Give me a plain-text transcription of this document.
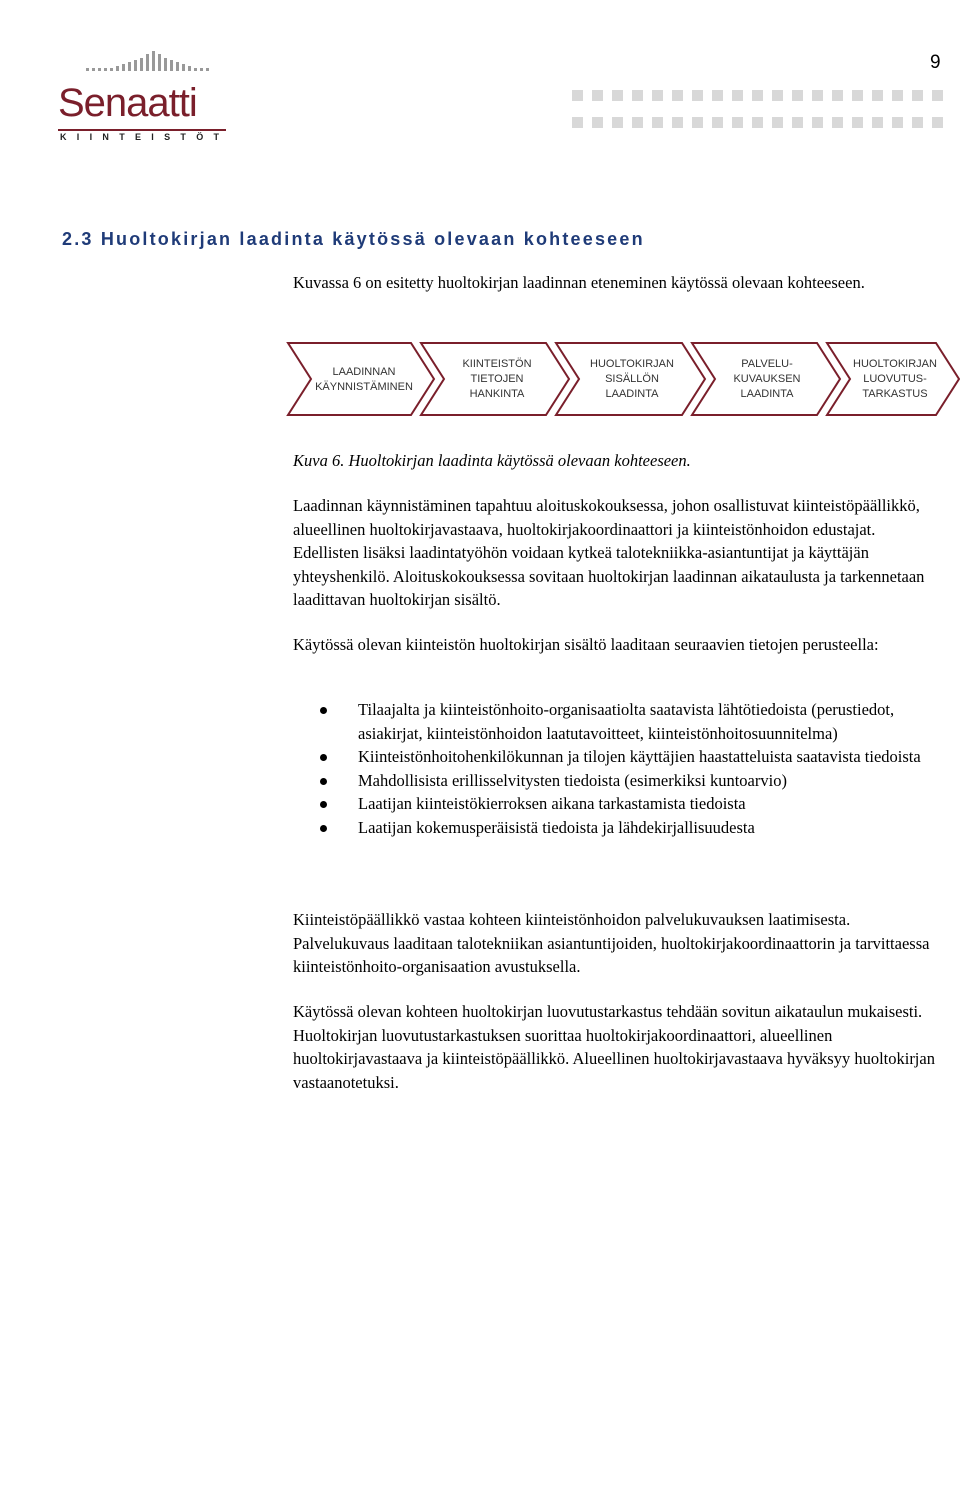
9
Senaatti
KIINTEISTÖT
2.3 Huoltokirjan laadinta käytössä olevaan kohteeseen

Kuvassa 6 on esitetty huoltokirjan laadinnan eteneminen käytössä olevaan kohteeseen.

LAADINNAN
KÄYNNISTÄMINEN
KIINTEISTÖN
TIETOJEN
HANKINTA
HUOLTOKIRJAN
SISÄLLÖN
LAADINTA
PALVELU-
KUVAUKSEN
LAADINTA
HUOLTOKIRJAN
LUOVUTUS-
TARKASTUS
Kuva 6. Huoltokirjan laadinta käytössä olevaan kohteeseen.

Laadinnan käynnistäminen tapahtuu aloituskokouksessa, johon osallistuvat kiinteistöpäällikkö, alueellinen huoltokirjavastaava, huoltokirjakoordinaattori ja kiinteistönhoidon edustajat. Edellisten lisäksi laadintatyöhön voidaan kytkeä talotekniikka-asiantuntijat ja käyttäjän yhteyshenkilö. Aloituskokouksessa sovitaan huoltokirjan laadinnan aikataulusta ja tarkennetaan laadittavan huoltokirjan sisältö.

Käytössä olevan kiinteistön huoltokirjan sisältö laaditaan seuraavien tietojen perusteella:

Tilaajalta ja kiinteistönhoito-organisaatiolta saatavista lähtötiedoista (perustiedot, asiakirjat, kiinteistönhoidon laatutavoitteet, kiinteistönhoitosuunnitelma)
Kiinteistönhoitohenkilökunnan ja tilojen käyttäjien haastatteluista saatavista tiedoista
Mahdollisista erillisselvitysten tiedoista (esimerkiksi kuntoarvio)
Laatijan kiinteistökierroksen aikana tarkastamista tiedoista
Laatijan kokemusperäisistä tiedoista ja lähdekirjallisuudesta

Kiinteistöpäällikkö vastaa kohteen kiinteistönhoidon palvelukuvauksen laatimisesta. Palvelukuvaus laaditaan talotekniikan asiantuntijoiden, huoltokirjakoordinaattorin ja tarvittaessa kiinteistönhoito-organisaation avustuksella.

Käytössä olevan kohteen huoltokirjan luovutustarkastus tehdään sovitun aikataulun mukaisesti. Huoltokirjan luovutustarkastuksen suorittaa huoltokirjakoordinaattori, alueellinen huoltokirjavastaava ja kiinteistöpäällikkö. Alueellinen huoltokirjavastaava hyväksyy huoltokirjan vastaanotetuksi.
